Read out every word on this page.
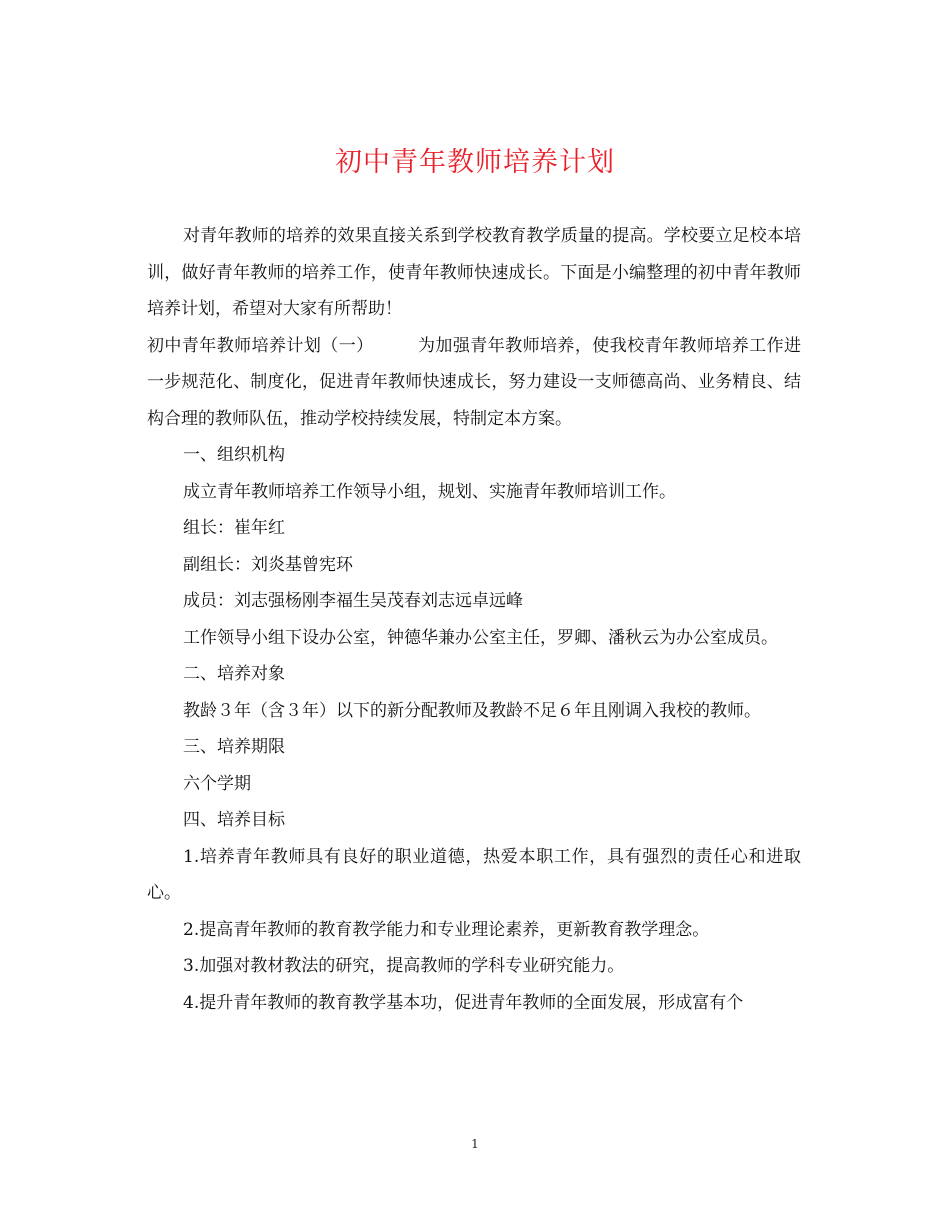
初中青年教师培养计划

对青年教师的培养的效果直接关系到学校教育教学质量的提高。学校要立足校本培训，做好青年教师的培养工作，使青年教师快速成长。下面是小编整理的初中青年教师培养计划，希望对大家有所帮助！

初中青年教师培养计划（一）	为加强青年教师培养，使我校青年教师培养工作进一步规范化、制度化，促进青年教师快速成长，努力建设一支师德高尚、业务精良、结构合理的教师队伍，推动学校持续发展，特制定本方案。

一、组织机构

成立青年教师培养工作领导小组，规划、实施青年教师培训工作。

组长：崔年红

副组长：刘炎基曾宪环

成员：刘志强杨刚李福生吴茂春刘志远卓远峰

工作领导小组下设办公室，钟德华兼办公室主任，罗卿、潘秋云为办公室成员。

二、培养对象

教龄３年（含３年）以下的新分配教师及教龄不足６年且刚调入我校的教师。

三、培养期限

六个学期

四、培养目标

1.培养青年教师具有良好的职业道德，热爱本职工作，具有强烈的责任心和进取心。

2.提高青年教师的教育教学能力和专业理论素养，更新教育教学理念。

3.加强对教材教法的研究，提高教师的学科专业研究能力。

4.提升青年教师的教育教学基本功，促进青年教师的全面发展，形成富有个

1
